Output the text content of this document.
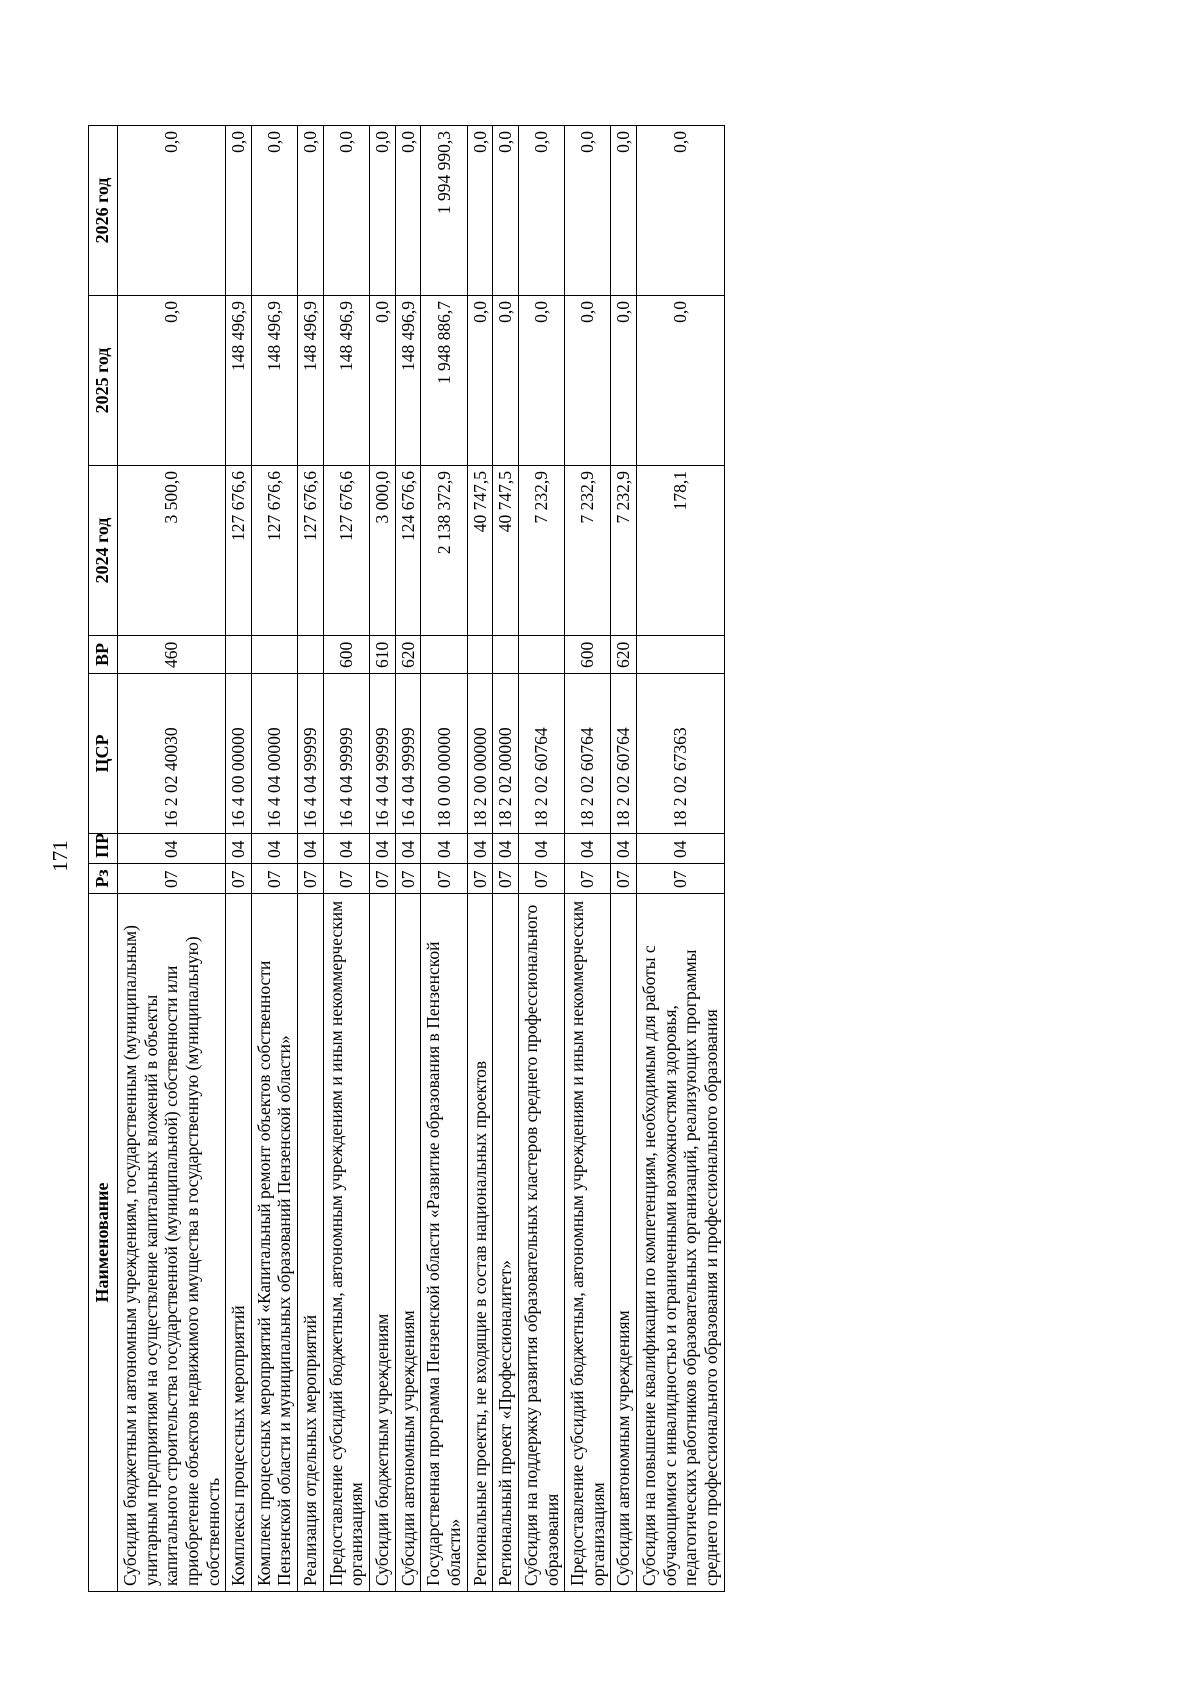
171
Наименование	Рз	ПР	ЦСР	ВР	2024 год	2025 год	2026 год
Субсидии бюджетным и автономным учреждениям, государственным (муниципальным) унитарным предприятиям на осуществление капитальных вложений в объекты капитального строительства государственной (муниципальной) собственности или приобретение объектов недвижимого имущества в государственную (муниципальную) собственность	07	04	16 2 02 40030	460	3 500,0	0,0	0,0
Комплексы процессных мероприятий	07	04	16 4 00 00000		127 676,6	148 496,9	0,0
Комплекс процессных мероприятий «Капитальный ремонт объектов собственности Пензенской области и муниципальных образований Пензенской области»	07	04	16 4 04 00000		127 676,6	148 496,9	0,0
Реализация отдельных мероприятий	07	04	16 4 04 99999		127 676,6	148 496,9	0,0
Предоставление субсидий бюджетным, автономным учреждениям и иным некоммерческим организациям	07	04	16 4 04 99999	600	127 676,6	148 496,9	0,0
Субсидии бюджетным учреждениям	07	04	16 4 04 99999	610	3 000,0	0,0	0,0
Субсидии автономным учреждениям	07	04	16 4 04 99999	620	124 676,6	148 496,9	0,0
Государственная программа Пензенской области «Развитие образования в Пензенской области»	07	04	18 0 00 00000		2 138 372,9	1 948 886,7	1 994 990,3
Региональные проекты, не входящие в состав национальных проектов	07	04	18 2 00 00000		40 747,5	0,0	0,0
Региональный проект «Профессионалитет»	07	04	18 2 02 00000		40 747,5	0,0	0,0
Субсидия на поддержку развития образовательных кластеров среднего профессионального образования	07	04	18 2 02 60764		7 232,9	0,0	0,0
Предоставление субсидий бюджетным, автономным учреждениям и иным некоммерческим организациям	07	04	18 2 02 60764	600	7 232,9	0,0	0,0
Субсидии автономным учреждениям	07	04	18 2 02 60764	620	7 232,9	0,0	0,0
Субсидия на повышение квалификации по компетенциям, необходимым для работы с обучающимися с инвалидностью и ограниченными возможностями здоровья, педагогических работников образовательных организаций, реализующих программы среднего профессионального образования и профессионального образования	07	04	18 2 02 67363		178,1	0,0	0,0
